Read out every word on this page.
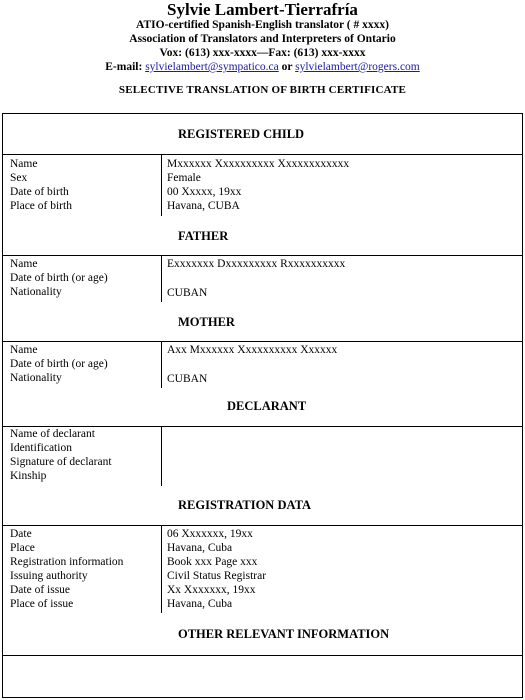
Sylvie Lambert-Tierrafría
ATIO-certified Spanish-English translator ( # xxxx)
Association of Translators and Interpreters of Ontario
Vox: (613) xxx-xxxx—Fax: (613) xxx-xxxx
E-mail: sylvielambert@sympatico.ca or sylvielambert@rogers.com
SELECTIVE TRANSLATION OF BIRTH CERTIFICATE
REGISTERED CHILD
Name	Mxxxxxx Xxxxxxxxxx Xxxxxxxxxxxx
Sex	Female
Date of birth	00 Xxxxx, 19xx
Place of birth	Havana, CUBA
FATHER
Name	Exxxxxxx Dxxxxxxxxx Rxxxxxxxxxx
Date of birth (or age)
Nationality	CUBAN
MOTHER
Name	Axx Mxxxxxx Xxxxxxxxxx Xxxxxx
Date of birth (or age)
Nationality	CUBAN
DECLARANT
Name of declarant
Identification
Signature of declarant
Kinship
REGISTRATION DATA
Date	06 Xxxxxxx, 19xx
Place	Havana, Cuba
Registration information	Book xxx Page xxx
Issuing authority	Civil Status Registrar
Date of issue	Xx Xxxxxxx, 19xx
Place of issue	Havana, Cuba
OTHER RELEVANT INFORMATION
